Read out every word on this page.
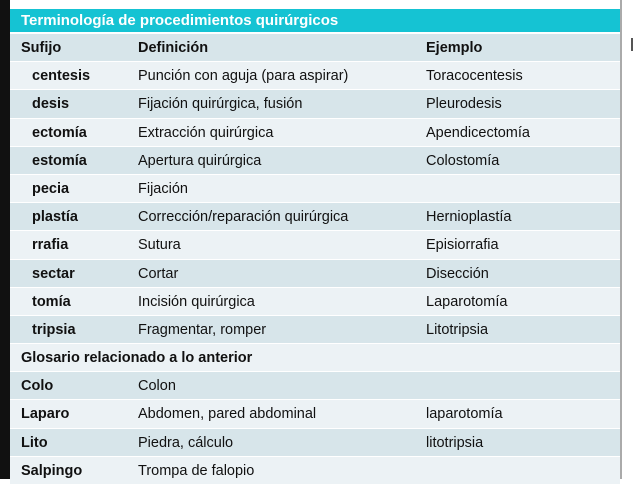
Terminología de procedimientos quirúrgicos
Sufijo	Definición	Ejemplo
centesis	Punción con aguja (para aspirar)	Toracocentesis
desis	Fijación quirúrgica, fusión	Pleurodesis
ectomía	Extracción quirúrgica	Apendicectomía
estomía	Apertura quirúrgica	Colostomía
pecia	Fijación
plastía	Corrección/reparación quirúrgica	Hernioplastía
rrafia	Sutura	Episiorrafia
sectar	Cortar	Disección
tomía	Incisión quirúrgica	Laparotomía
tripsia	Fragmentar, romper	Litotripsia
Glosario relacionado a lo anterior
Colo	Colon
Laparo	Abdomen, pared abdominal	laparotomía
Lito	Piedra, cálculo	litotripsia
Salpingo	Trompa de falopio
